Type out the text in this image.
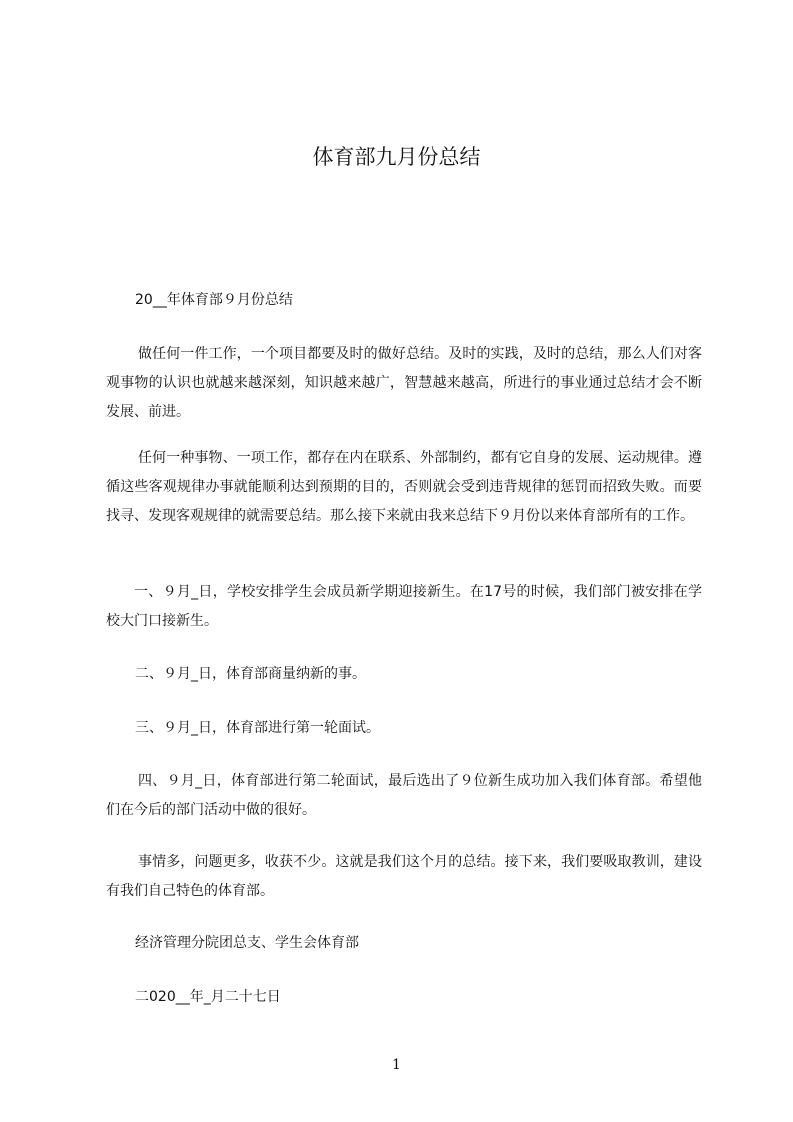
体育部九月份总结

20__年体育部９月份总结

做任何一件工作，一个项目都要及时的做好总结。及时的实践，及时的总结，那么人们对客观事物的认识也就越来越深刻，知识越来越广，智慧越来越高，所进行的事业通过总结才会不断发展、前进。

任何一种事物、一项工作，都存在内在联系、外部制约，都有它自身的发展、运动规律。遵循这些客观规律办事就能顺利达到预期的目的，否则就会受到违背规律的惩罚而招致失败。而要找寻、发现客观规律的就需要总结。那么接下来就由我来总结下９月份以来体育部所有的工作。

一、９月_日，学校安排学生会成员新学期迎接新生。在17号的时候，我们部门被安排在学校大门口接新生。

二、９月_日，体育部商量纳新的事。

三、９月_日，体育部进行第一轮面试。

四、９月_日，体育部进行第二轮面试，最后选出了９位新生成功加入我们体育部。希望他们在今后的部门活动中做的很好。

事情多，问题更多，收获不少。这就是我们这个月的总结。接下来，我们要吸取教训，建设有我们自己特色的体育部。

经济管理分院团总支、学生会体育部

二020__年_月二十七日

1
